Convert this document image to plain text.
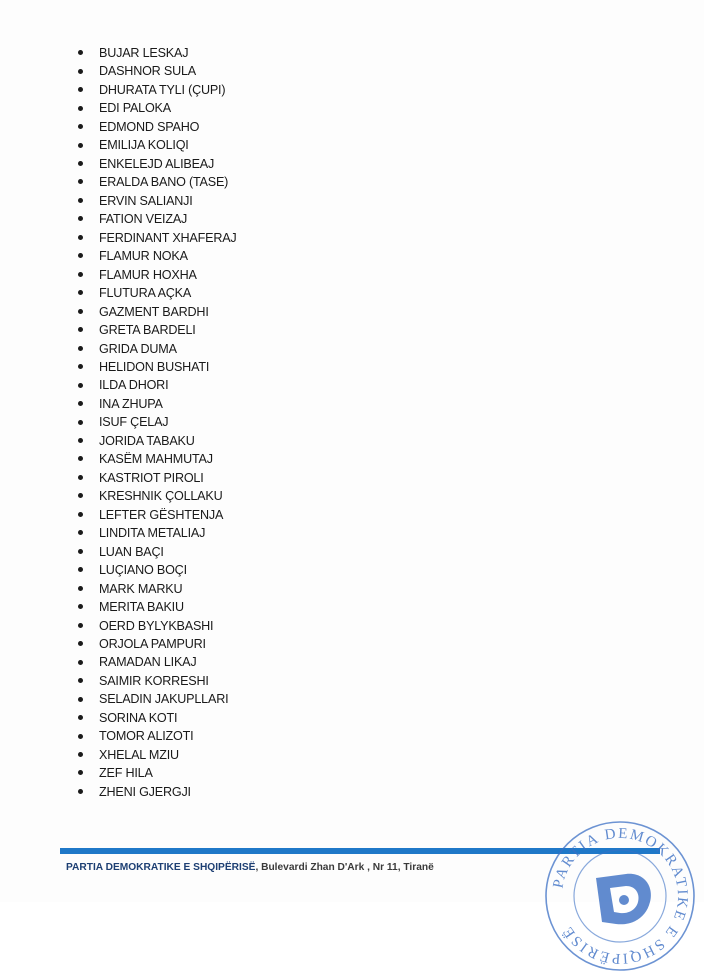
BUJAR LESKAJ
DASHNOR SULA
DHURATA TYLI (ÇUPI)
EDI PALOKA
EDMOND SPAHO
EMILIJA KOLIQI
ENKELEJD ALIBEAJ
ERALDA BANO (TASE)
ERVIN SALIANJI
FATION VEIZAJ
FERDINANT XHAFERAJ
FLAMUR NOKA
FLAMUR HOXHA
FLUTURA AÇKA
GAZMENT BARDHI
GRETA BARDELI
GRIDA DUMA
HELIDON BUSHATI
ILDA DHORI
INA ZHUPA
ISUF ÇELAJ
JORIDA TABAKU
KASËM MAHMUTAJ
KASTRIOT PIROLI
KRESHNIK ÇOLLAKU
LEFTER GËSHTENJA
LINDITA METALIAJ
LUAN BAÇI
LUÇIANO BOÇI
MARK MARKU
MERITA BAKIU
OERD BYLYKBASHI
ORJOLA PAMPURI
RAMADAN LIKAJ
SAIMIR KORRESHI
SELADIN JAKUPLLARI
SORINA KOTI
TOMOR ALIZOTI
XHELAL MZIU
ZEF HILA
ZHENI GJERGJI
PARTIA DEMOKRATIKE E SHQIPËRISË, Bulevardi Zhan D'Ark , Nr 11, Tiranë
PARTIA DEMOKRATIKE E SHQIPËRISË
